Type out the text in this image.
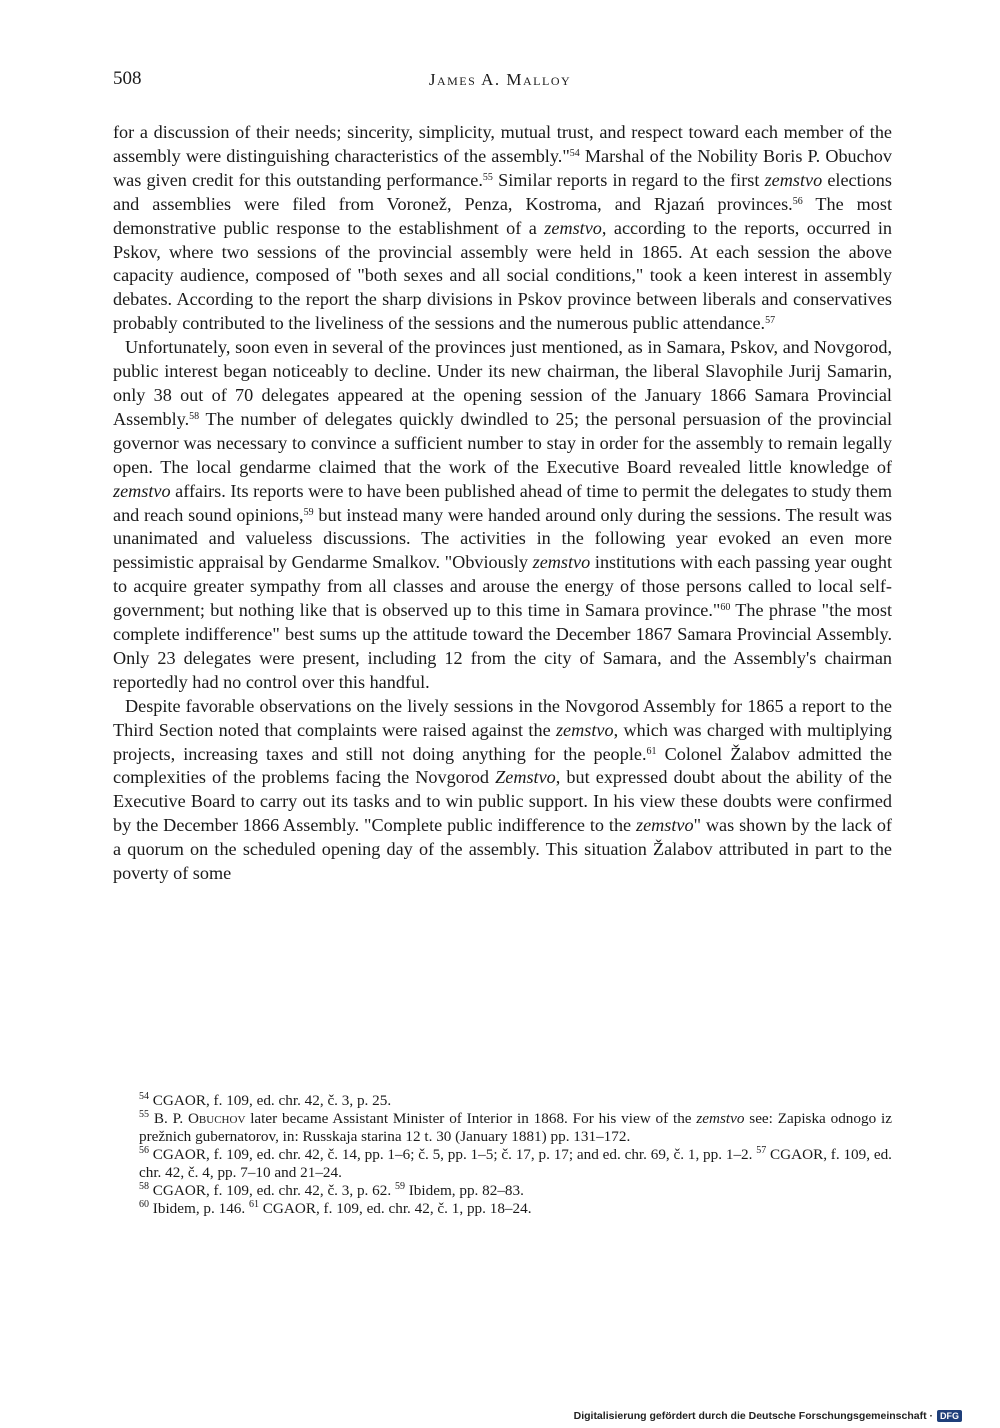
508	James A. Malloy

for a discussion of their needs; sincerity, simplicity, mutual trust, and respect toward each member of the assembly were distinguishing characteristics of the assembly."$^{54}$ Marshal of the Nobility Boris P. Obuchov was given credit for this outstanding performance.$^{55}$ Similar reports in regard to the first zemstvo elections and assemblies were filed from Voronež, Penza, Kostroma, and Rjazań provinces.$^{56}$ The most demonstrative public response to the establishment of a zemstvo, according to the reports, occurred in Pskov, where two sessions of the provincial assembly were held in 1865. At each session the above capacity audience, composed of "both sexes and all social conditions," took a keen interest in assembly debates. According to the report the sharp divisions in Pskov province between liberals and conservatives probably contributed to the liveliness of the sessions and the numerous public attendance.$^{57}$

Unfortunately, soon even in several of the provinces just mentioned, as in Samara, Pskov, and Novgorod, public interest began noticeably to decline. Under its new chairman, the liberal Slavophile Jurij Samarin, only 38 out of 70 delegates appeared at the opening session of the January 1866 Samara Provincial Assembly.$^{58}$ The number of delegates quickly dwindled to 25; the personal persuasion of the provincial governor was necessary to convince a sufficient number to stay in order for the assembly to remain legally open. The local gendarme claimed that the work of the Executive Board revealed little knowledge of zemstvo affairs. Its reports were to have been published ahead of time to permit the delegates to study them and reach sound opinions,$^{59}$ but instead many were handed around only during the sessions. The result was unanimated and valueless discussions. The activities in the following year evoked an even more pessimistic appraisal by Gendarme Smalkov. "Obviously zemstvo institutions with each passing year ought to acquire greater sympathy from all classes and arouse the energy of those persons called to local self-government; but nothing like that is observed up to this time in Samara province."$^{60}$ The phrase "the most complete indifference" best sums up the attitude toward the December 1867 Samara Provincial Assembly. Only 23 delegates were present, including 12 from the city of Samara, and the Assembly's chairman reportedly had no control over this handful.

Despite favorable observations on the lively sessions in the Novgorod Assembly for 1865 a report to the Third Section noted that complaints were raised against the zemstvo, which was charged with multiplying projects, increasing taxes and still not doing anything for the people.$^{61}$ Colonel Žalabov admitted the complexities of the problems facing the Novgorod Zemstvo, but expressed doubt about the ability of the Executive Board to carry out its tasks and to win public support. In his view these doubts were confirmed by the December 1866 Assembly. "Complete public indifference to the zemstvo" was shown by the lack of a quorum on the scheduled opening day of the assembly. This situation Žalabov attributed in part to the poverty of some

$^{54}$ CGAOR, f. 109, ed. chr. 42, č. 3, p. 25.

$^{55}$ B. P. Obuchov later became Assistant Minister of Interior in 1868. For his view of the zemstvo see: Zapiska odnogo iz prežnich gubernatorov, in: Russkaja starina 12 t. 30 (January 1881) pp. 131–172.

$^{56}$ CGAOR, f. 109, ed. chr. 42, č. 14, pp. 1–6; č. 5, pp. 1–5; č. 17, p. 17; and ed. chr. 69, č. 1, pp. 1–2. $^{57}$ CGAOR, f. 109, ed. chr. 42, č. 4, pp. 7–10 and 21–24.

$^{58}$ CGAOR, f. 109, ed. chr. 42, č. 3, p. 62. $^{59}$ Ibidem, pp. 82–83.

$^{60}$ Ibidem, p. 146. $^{61}$ CGAOR, f. 109, ed. chr. 42, č. 1, pp. 18–24.

Digitalisierung gefördert durch die Deutsche Forschungsgemeinschaft · DFG
